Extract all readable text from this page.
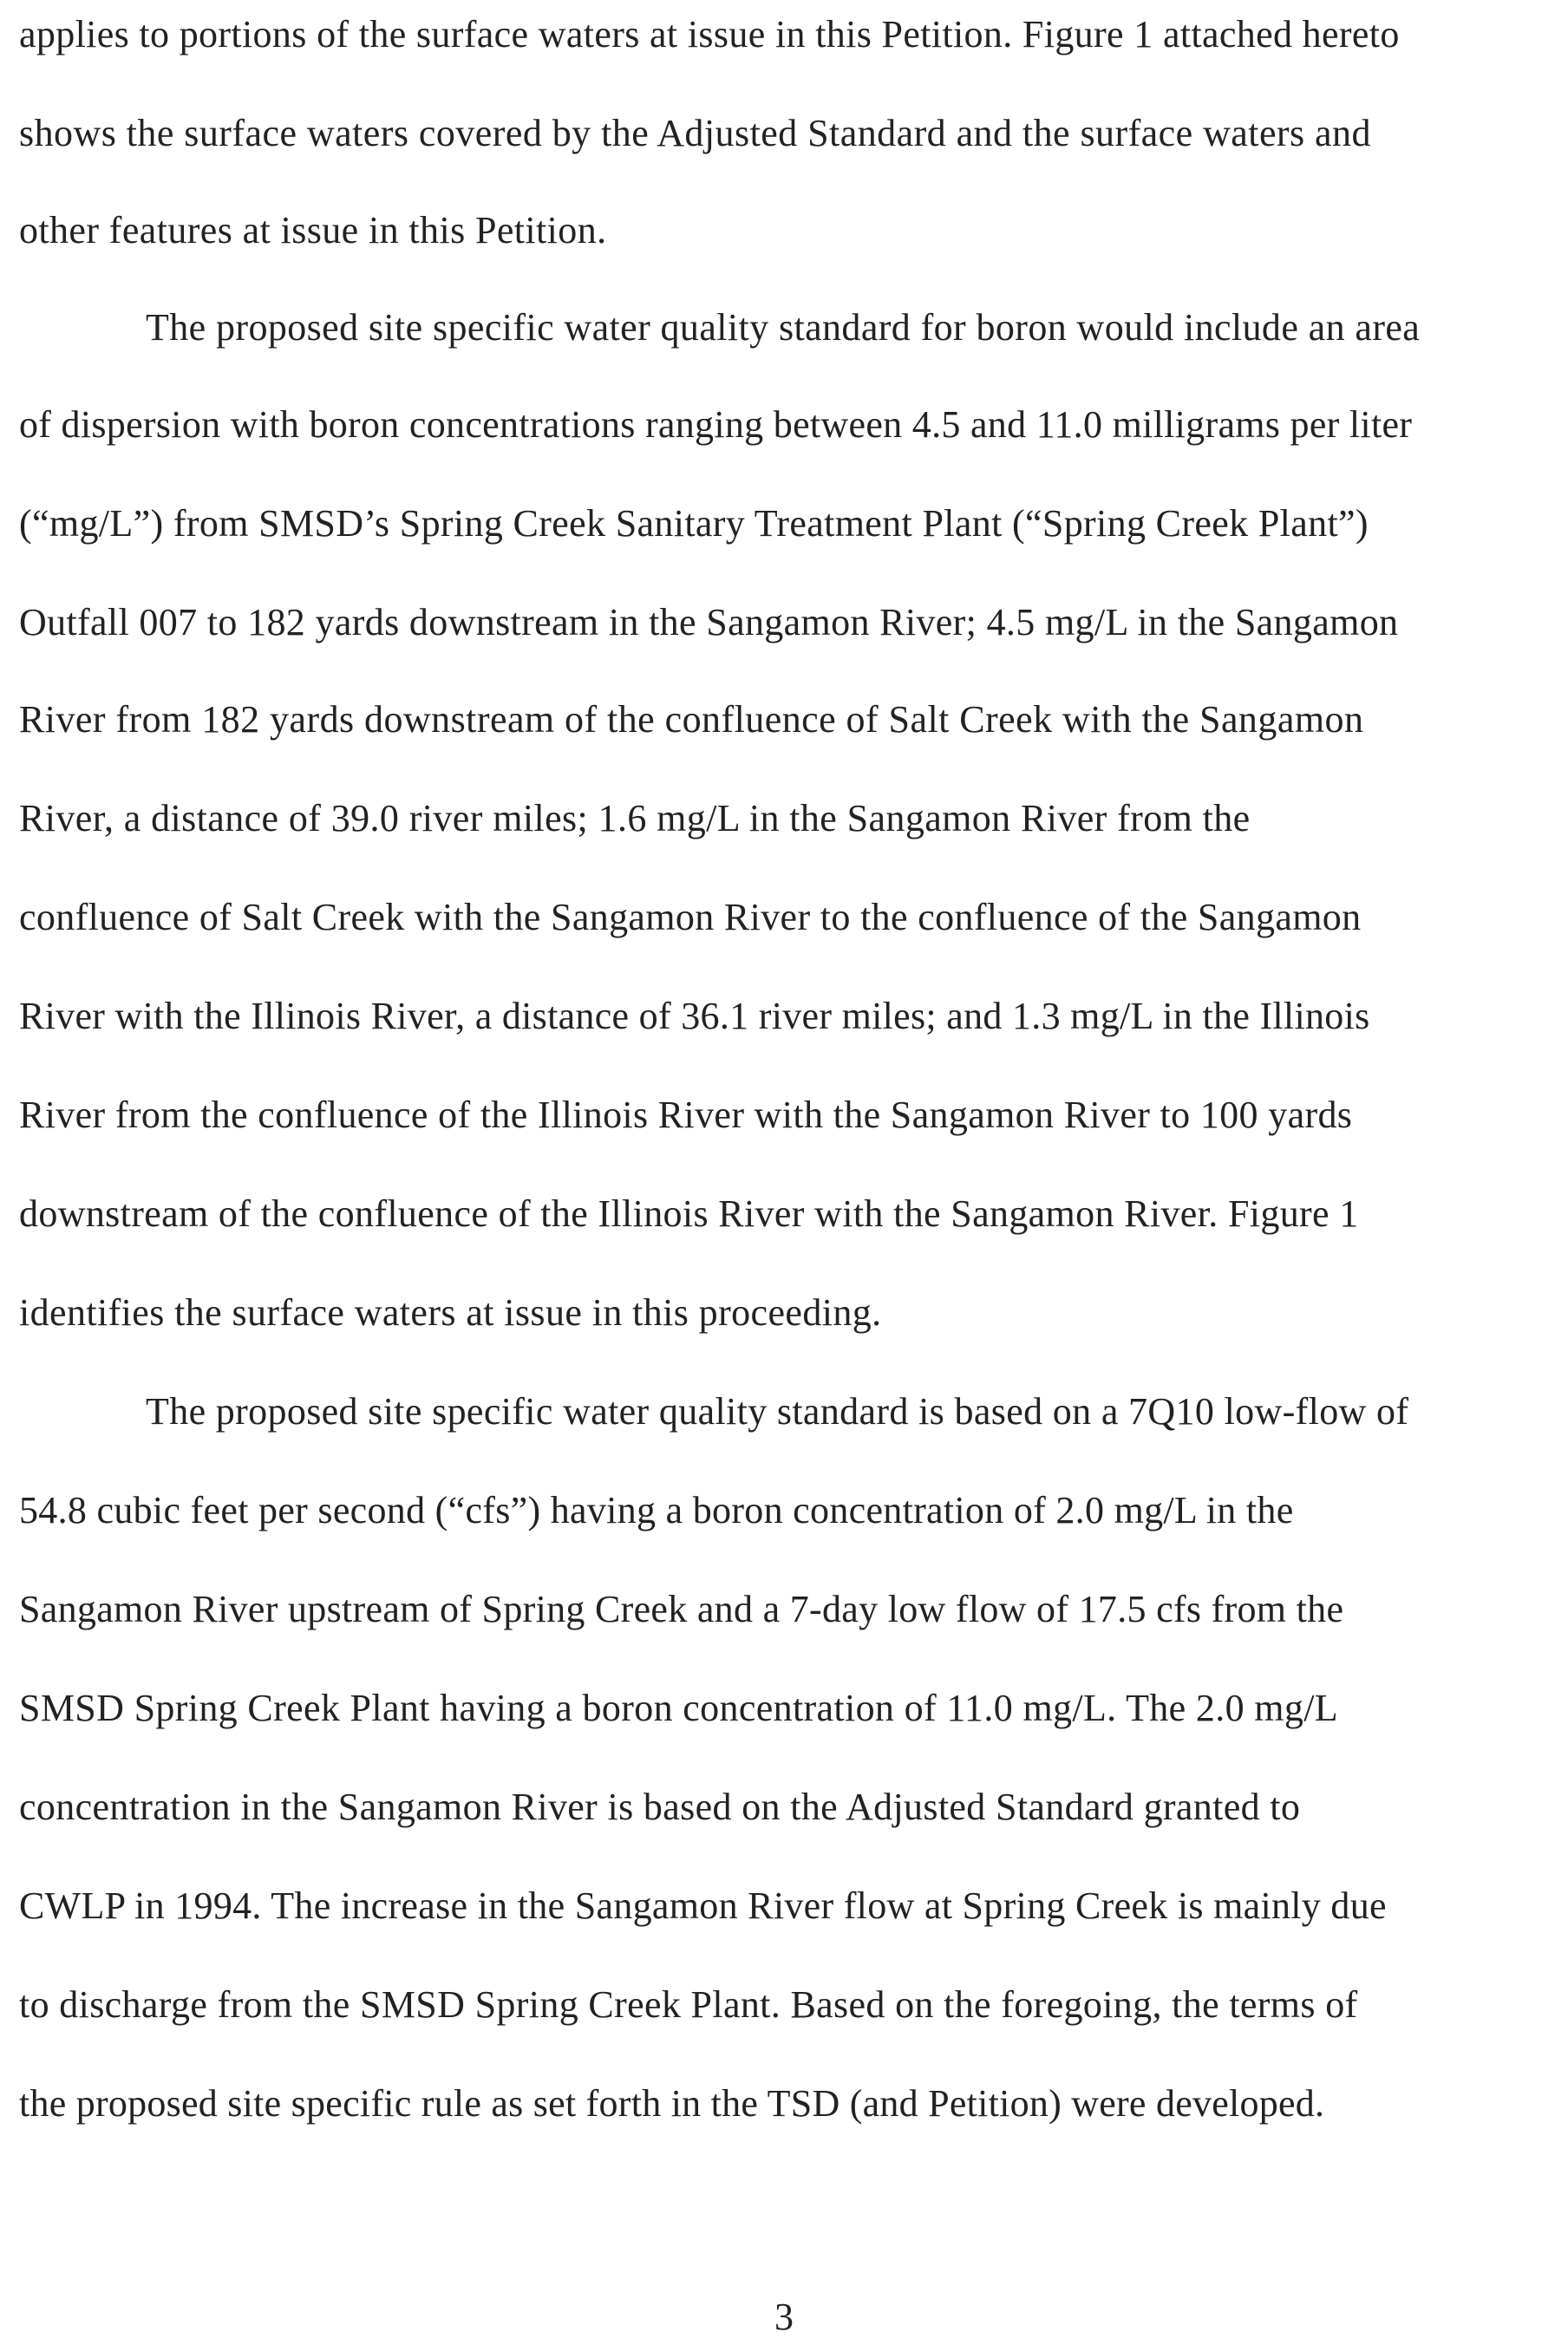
applies to portions of the surface waters at issue in this Petition. Figure 1 attached hereto

shows the surface waters covered by the Adjusted Standard and the surface waters and

other features at issue in this Petition.

The proposed site specific water quality standard for boron would include an area

of dispersion with boron concentrations ranging between 4.5 and 11.0 milligrams per liter

(“mg/L”) from SMSD’s Spring Creek Sanitary Treatment Plant (“Spring Creek Plant”)

Outfall 007 to 182 yards downstream in the Sangamon River; 4.5 mg/L in the Sangamon

River from 182 yards downstream of the confluence of Salt Creek with the Sangamon

River, a distance of 39.0 river miles; 1.6 mg/L in the Sangamon River from the

confluence of Salt Creek with the Sangamon River to the confluence of the Sangamon

River with the Illinois River, a distance of 36.1 river miles; and 1.3 mg/L in the Illinois

River from the confluence of the Illinois River with the Sangamon River to 100 yards

downstream of the confluence of the Illinois River with the Sangamon River. Figure 1

identifies the surface waters at issue in this proceeding.

The proposed site specific water quality standard is based on a 7Q10 low-flow of

54.8 cubic feet per second (“cfs”) having a boron concentration of 2.0 mg/L in the

Sangamon River upstream of Spring Creek and a 7-day low flow of 17.5 cfs from the

SMSD Spring Creek Plant having a boron concentration of 11.0 mg/L. The 2.0 mg/L

concentration in the Sangamon River is based on the Adjusted Standard granted to

CWLP in 1994. The increase in the Sangamon River flow at Spring Creek is mainly due

to discharge from the SMSD Spring Creek Plant. Based on the foregoing, the terms of

the proposed site specific rule as set forth in the TSD (and Petition) were developed.

3
